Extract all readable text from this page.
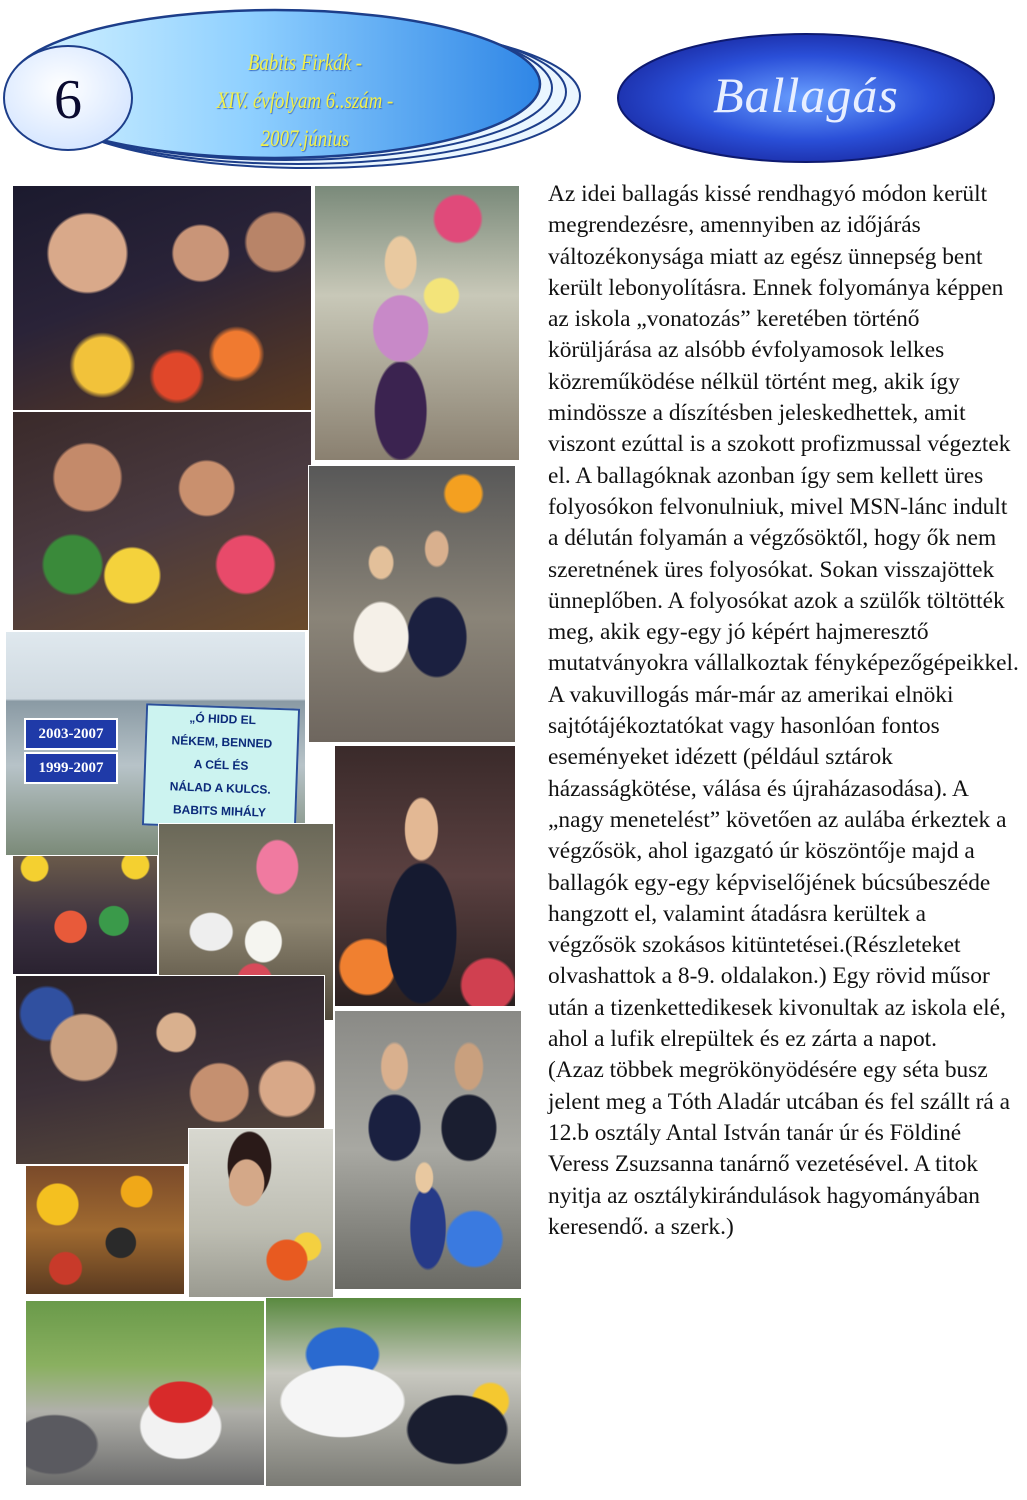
6
Babits Firkák -
XIV. évfolyam 6..szám - 2007.június
Ballagás
2003-2007
1999-2007
„Ó HIDD EL
NÉKEM, BENNED
A CÉL ÉS
NÁLAD A KULCS.
BABITS MIHÁLY

Az idei ballagás kissé rendhagyó módon került megrendezésre, amennyiben az időjárás változékonysága miatt az egész ünnepség bent került lebonyolításra. Ennek folyománya képpen az iskola „vonatozás” keretében történő körüljárása az alsóbb évfolyamosok lelkes közreműködése nélkül történt meg, akik így mindössze a díszítésben jeleskedhettek, amit viszont ezúttal is a szokott profizmussal végeztek el. A ballagóknak azonban így sem kellett üres folyosókon felvonulniuk, mivel MSN-lánc indult a délután folyamán a végzősöktől, hogy ők nem szeretnének üres folyosókat. Sokan visszajöttek ünneplőben. A folyosókat azok a szülők töltötték meg, akik egy-egy jó képért hajmeresztő mutatványokra vállalkoztak fényképezőgépeikkel. A vakuvillogás már-már az amerikai elnöki sajtótájékoztatókat vagy hasonlóan fontos eseményeket idézett (például sztárok házasságkötése, válása és újraházasodása). A „nagy menetelést” követően az aulába érkeztek a végzősök, ahol igazgató úr köszöntője majd a ballagók egy-egy képviselőjének búcsúbeszéde hangzott el, valamint átadásra kerültek a végzősök szokásos kitüntetései.(Részleteket olvashattok a 8-9. oldalakon.) Egy rövid műsor után a tizenkettedikesek kivonultak az iskola elé, ahol a lufik elrepültek és ez zárta a napot.

(Azaz többek megrökönyödésére egy séta busz jelent meg a Tóth Aladár utcában és fel szállt rá a 12.b osztály Antal István tanár úr és Földiné Veress Zsuzsanna tanárnő vezetésével. A titok nyitja az osztálykirándulások hagyományában keresendő. a szerk.)
